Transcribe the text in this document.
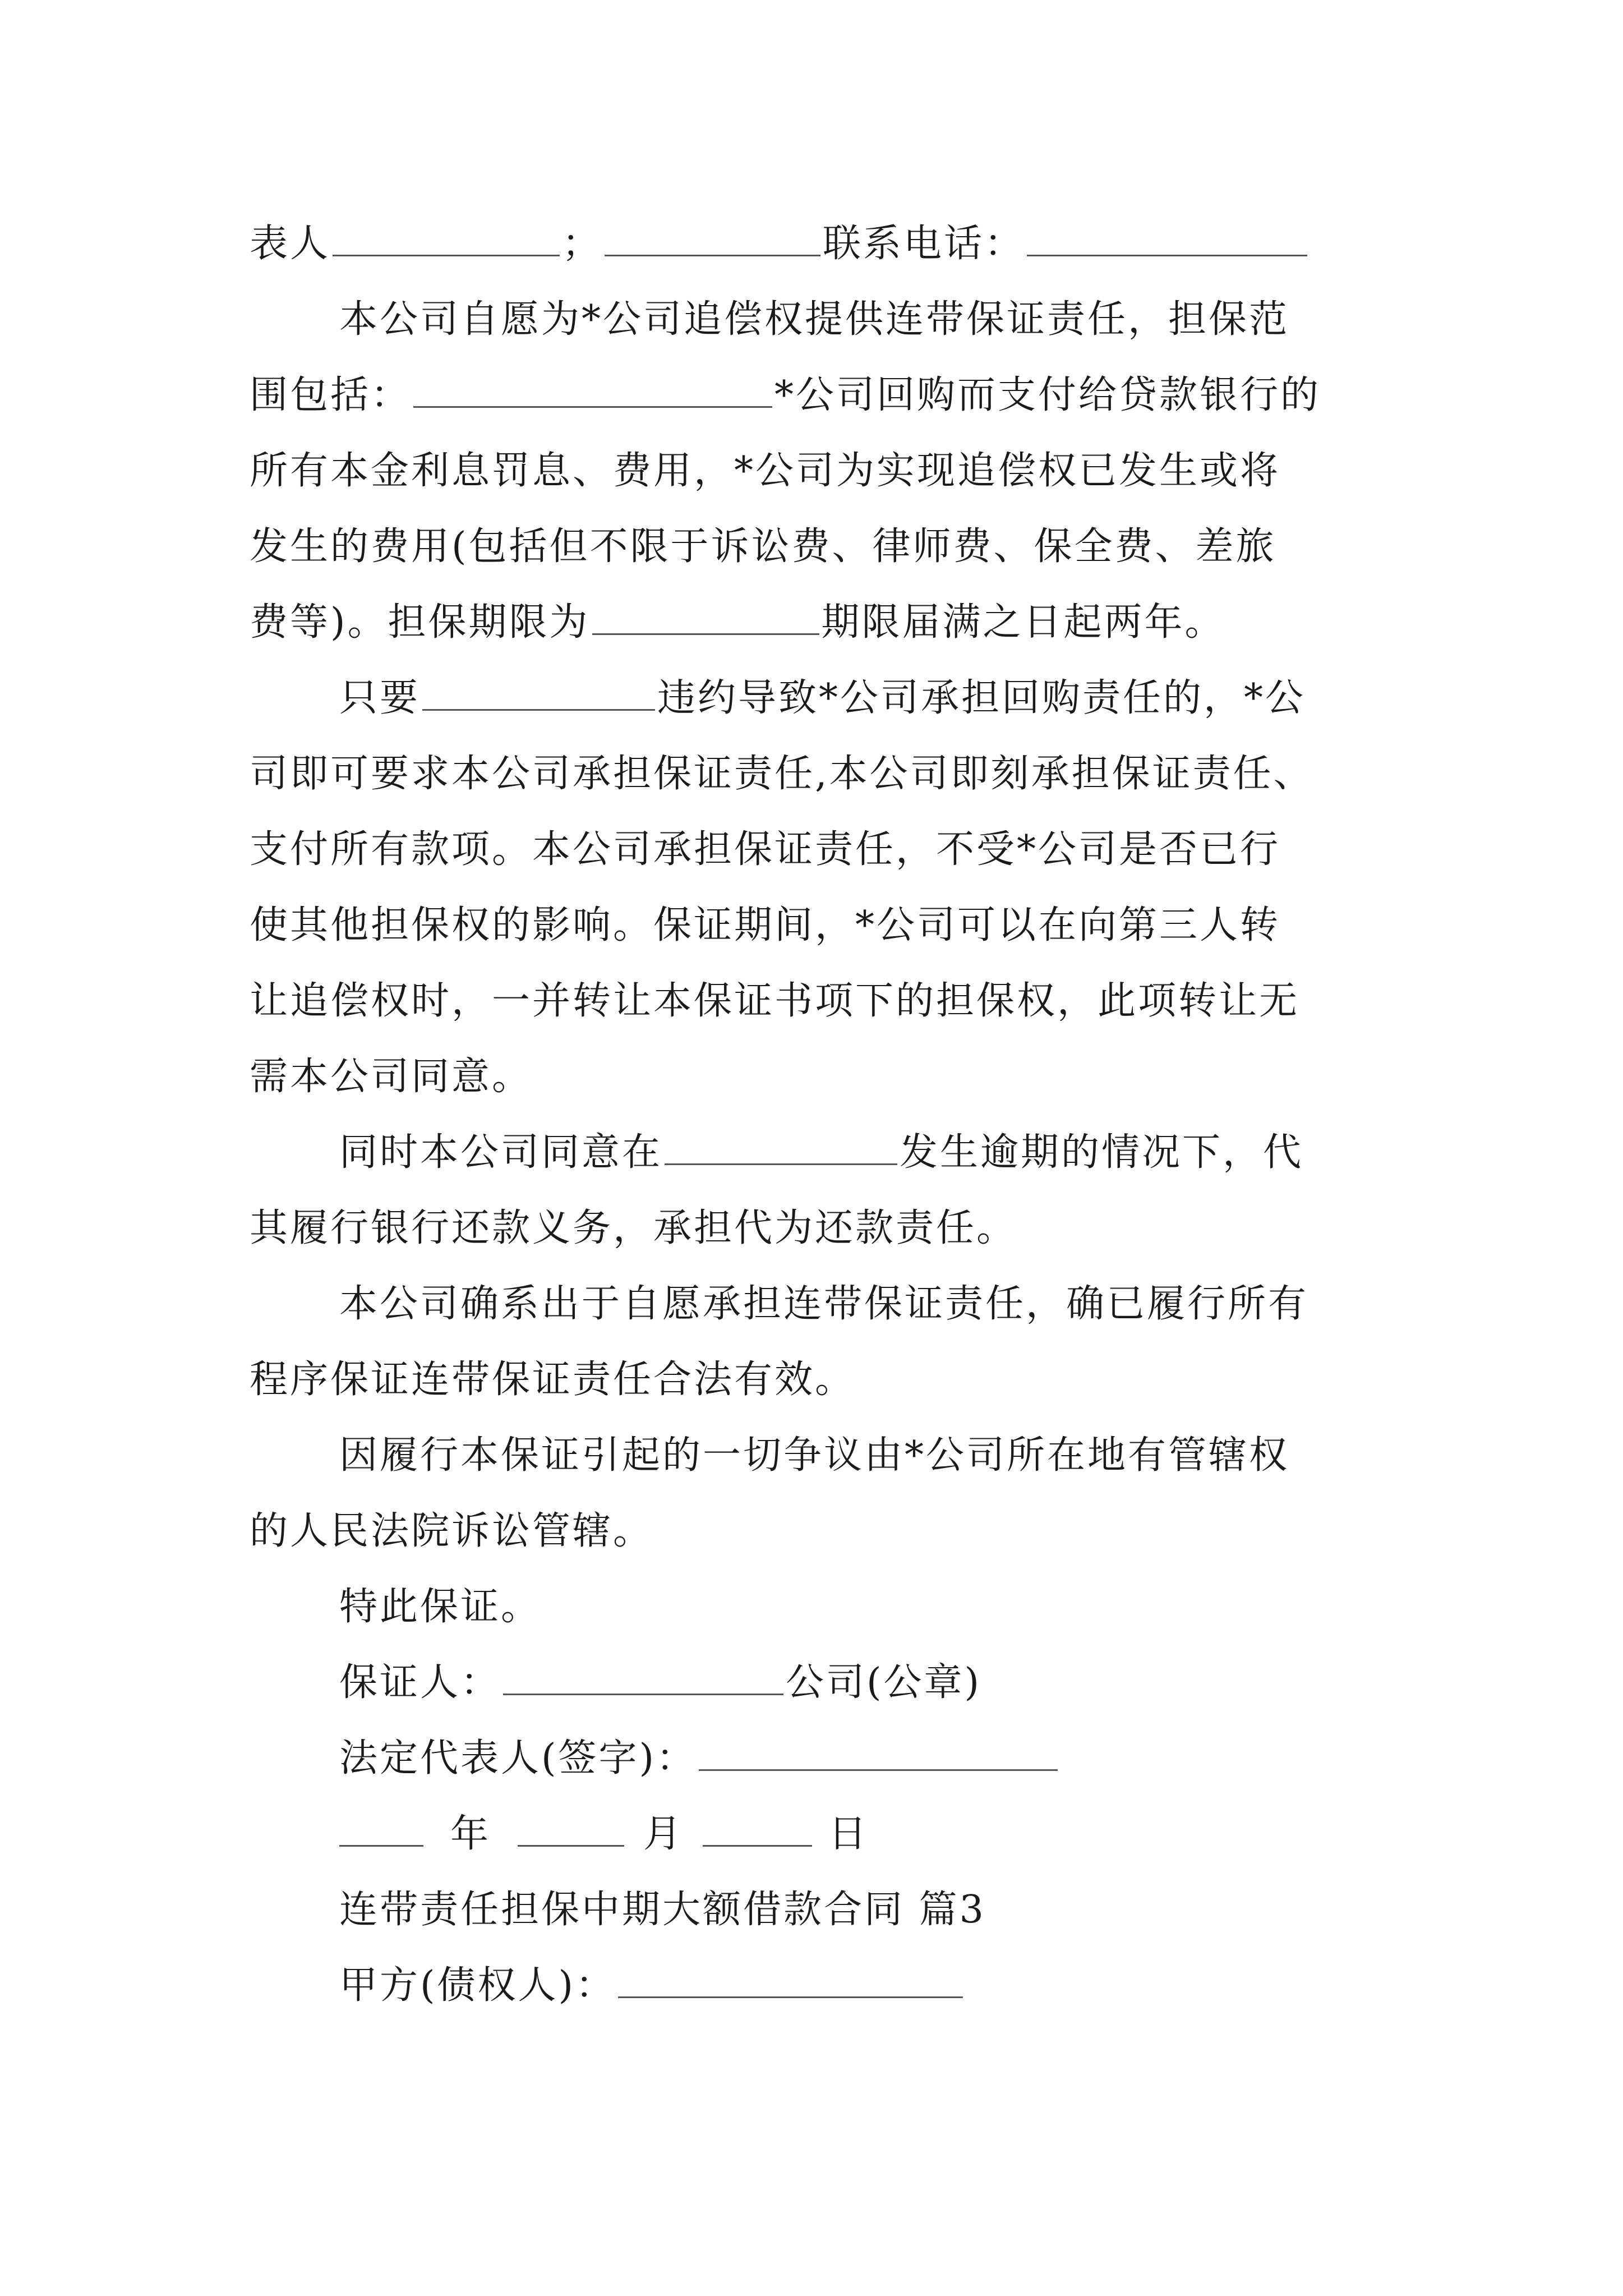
表人	；	联系电话：
本公司自愿为*公司追偿权提供连带保证责任，担保范
围包括：	*公司回购而支付给贷款银行的
所有本金利息罚息、费用，*公司为实现追偿权已发生或将
发生的费用(包括但不限于诉讼费、律师费、保全费、差旅
费等)。担保期限为	期限届满之日起两年。
只要	违约导致*公司承担回购责任的，*公
司即可要求本公司承担保证责任,本公司即刻承担保证责任、
支付所有款项。本公司承担保证责任，不受*公司是否已行
使其他担保权的影响。保证期间，*公司可以在向第三人转
让追偿权时，一并转让本保证书项下的担保权，此项转让无
需本公司同意。
同时本公司同意在	发生逾期的情况下，代
其履行银行还款义务，承担代为还款责任。
本公司确系出于自愿承担连带保证责任，确已履行所有
程序保证连带保证责任合法有效。
因履行本保证引起的一切争议由*公司所在地有管辖权
的人民法院诉讼管辖。
特此保证。
保证人：	公司(公章)
法定代表人(签字)：
年	月	日
连带责任担保中期大额借款合同 篇3
甲方(债权人)：
